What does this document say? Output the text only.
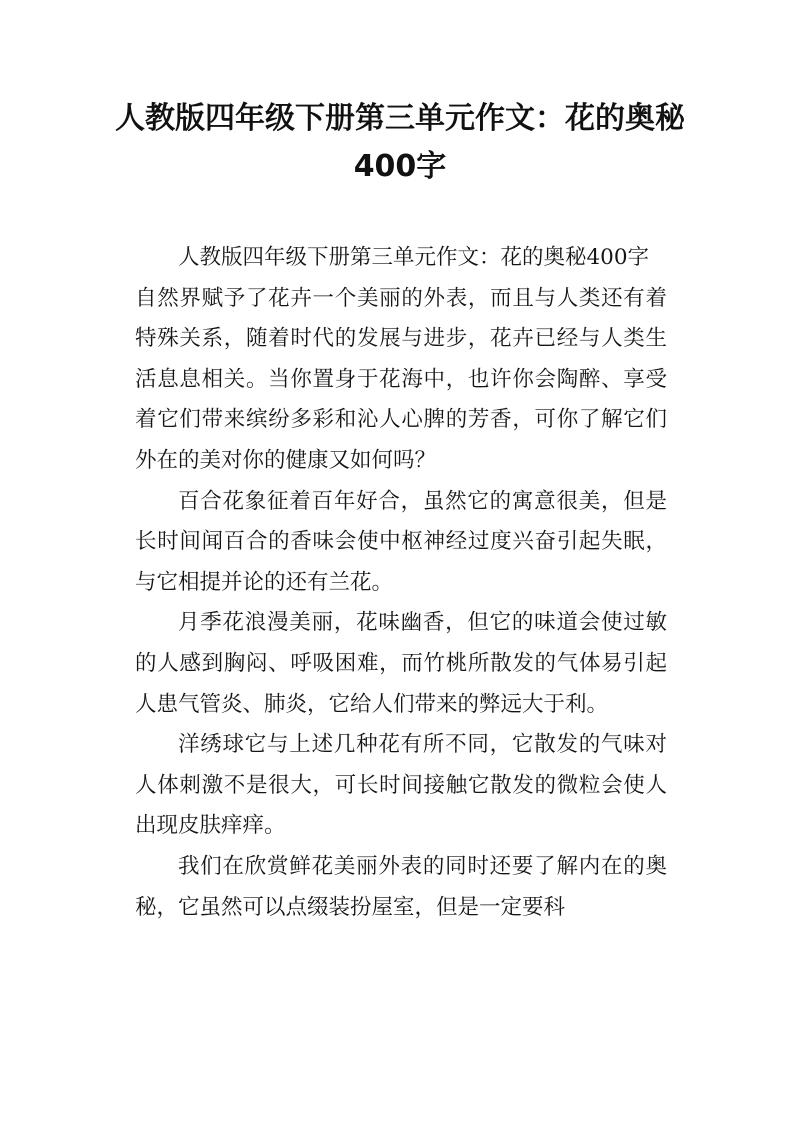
人教版四年级下册第三单元作文：花的奥秘400字

人教版四年级下册第三单元作文：花的奥秘400字

自然界赋予了花卉一个美丽的外表，而且与人类还有着特殊关系，随着时代的发展与进步，花卉已经与人类生活息息相关。当你置身于花海中，也许你会陶醉、享受着它们带来缤纷多彩和沁人心脾的芳香，可你了解它们外在的美对你的健康又如何吗？

百合花象征着百年好合，虽然它的寓意很美，但是长时间闻百合的香味会使中枢神经过度兴奋引起失眠，与它相提并论的还有兰花。

月季花浪漫美丽，花味幽香，但它的味道会使过敏的人感到胸闷、呼吸困难，而竹桃所散发的气体易引起人患气管炎、肺炎，它给人们带来的弊远大于利。

洋绣球它与上述几种花有所不同，它散发的气味对人体刺激不是很大，可长时间接触它散发的微粒会使人出现皮肤痒痒。

我们在欣赏鲜花美丽外表的同时还要了解内在的奥秘，它虽然可以点缀装扮屋室，但是一定要科
